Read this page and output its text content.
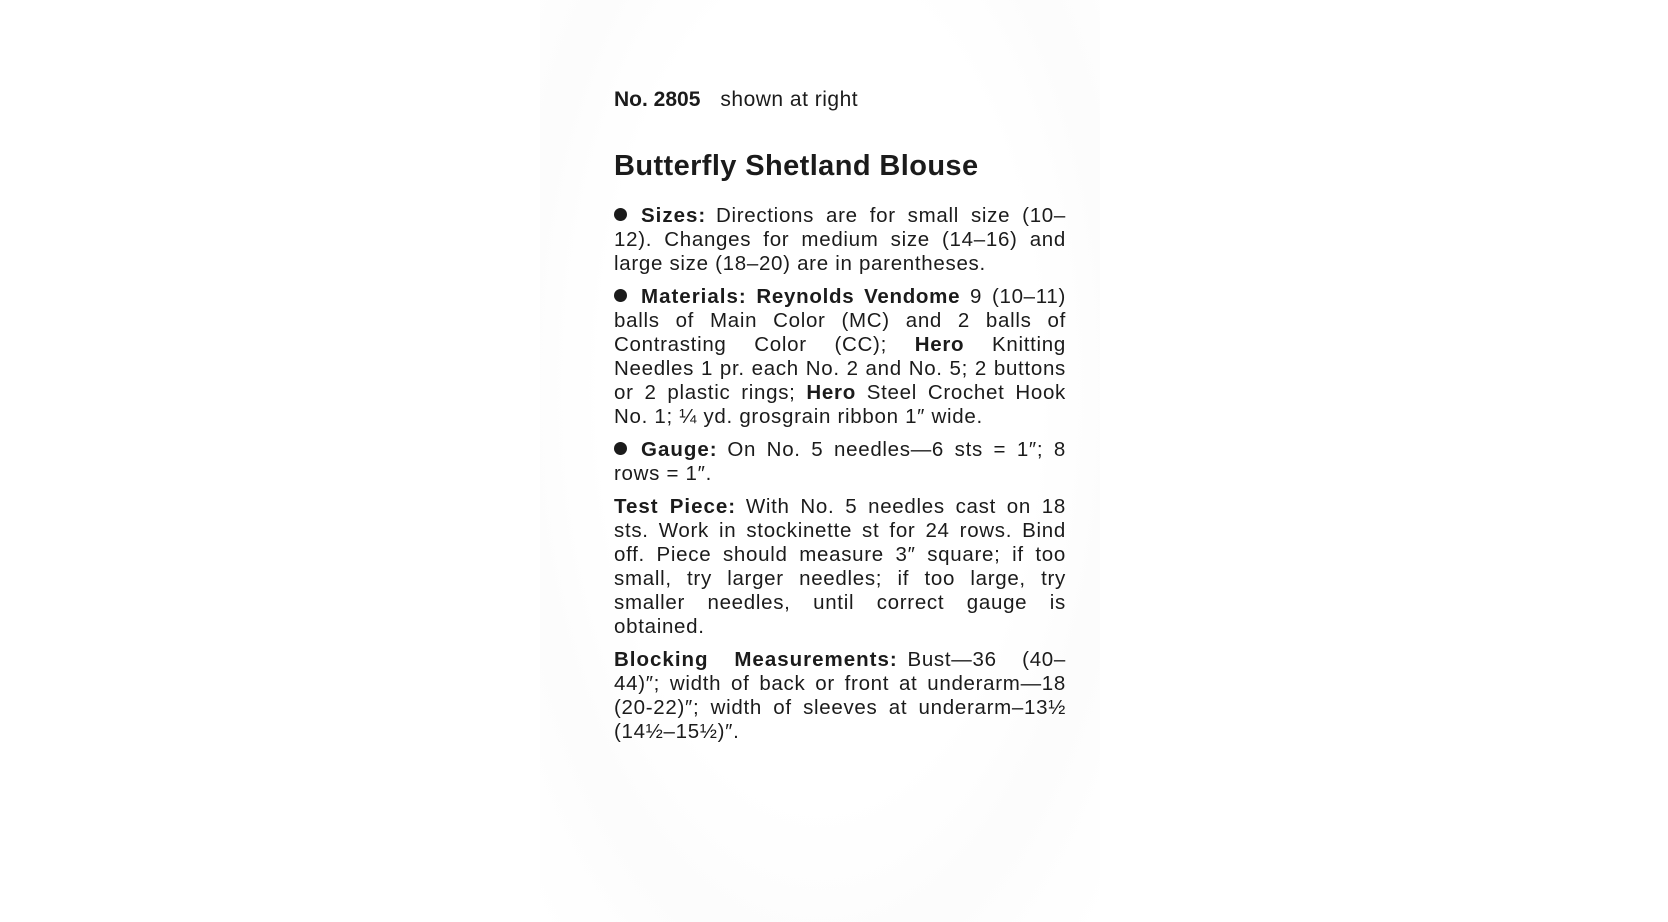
No. 2805 shown at right
Butterfly Shetland Blouse
Sizes: Directions are for small size (10–12). Changes for medium size (14–16) and large size (18–20) are in parentheses.
Materials: Reynolds Vendome 9 (10–11) balls of Main Color (MC) and 2 balls of Contrasting Color (CC); Hero Knitting Needles 1 pr. each No. 2 and No. 5; 2 buttons or 2 plastic rings; Hero Steel Crochet Hook No. 1; ¼ yd. grosgrain ribbon 1″ wide.
Gauge: On No. 5 needles—6 sts = 1″; 8 rows = 1″.
Test Piece: With No. 5 needles cast on 18 sts. Work in stockinette st for 24 rows. Bind off. Piece should measure 3″ square; if too small, try larger needles; if too large, try smaller needles, until correct gauge is obtained.
Blocking Measurements: Bust—36 (40–44)″; width of back or front at underarm—18 (20-22)″; width of sleeves at underarm–13½ (14½–15½)″.
